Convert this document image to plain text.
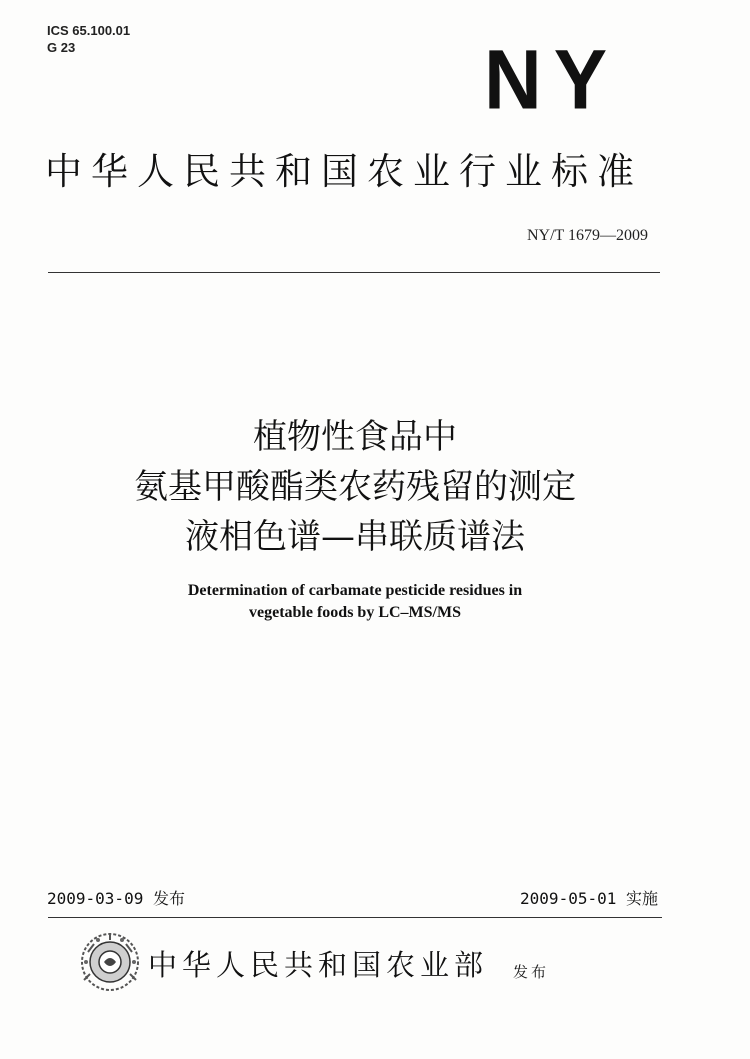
ICS 65.100.01
G 23	NY
中华人民共和国农业行业标准
NY/T 1679—2009
植物性食品中
氨基甲酸酯类农药残留的测定
液相色谱—串联质谱法
Determination of carbamate pesticide residues in
vegetable foods by LC–MS/MS
2009-03-09 发布	2009-05-01 实施
中华人民共和国农业部 发布
